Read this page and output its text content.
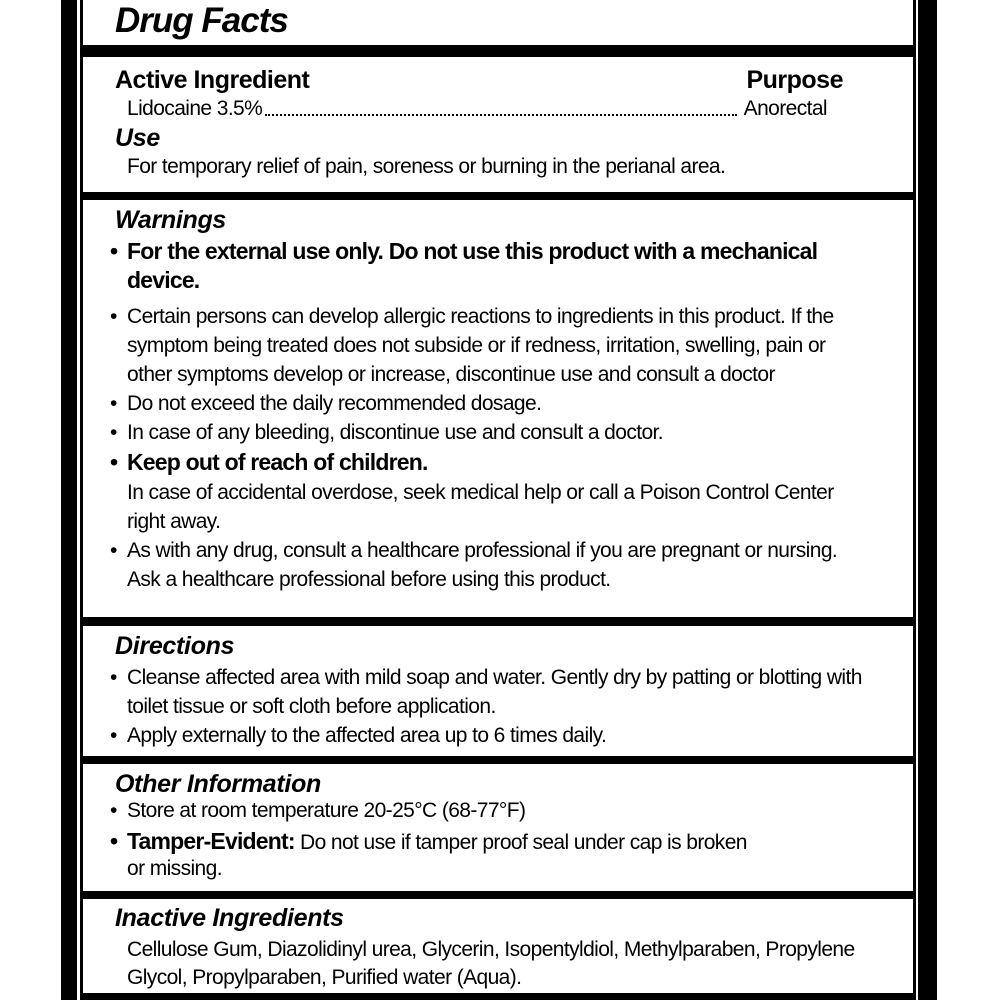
Drug Facts
Active Ingredient	Purpose
Lidocaine 3.5%	Anorectal
Use
For temporary relief of pain, soreness or burning in the perianal area.
Warnings
• For the external use only. Do not use this product with a mechanical
device.
• Certain persons can develop allergic reactions to ingredients in this product. If the
symptom being treated does not subside or if redness, irritation, swelling, pain or
other symptoms develop or increase, discontinue use and consult a doctor
• Do not exceed the daily recommended dosage.
• In case of any bleeding, discontinue use and consult a doctor.
• Keep out of reach of children.
In case of accidental overdose, seek medical help or call a Poison Control Center
right away.
• As with any drug, consult a healthcare professional if you are pregnant or nursing.
Ask a healthcare professional before using this product.
Directions
• Cleanse affected area with mild soap and water. Gently dry by patting or blotting with
toilet tissue or soft cloth before application.
• Apply externally to the affected area up to 6 times daily.
Other Information
• Store at room temperature 20-25°C (68-77°F)
• Tamper-Evident: Do not use if tamper proof seal under cap is broken
or missing.
Inactive Ingredients
Cellulose Gum, Diazolidinyl urea, Glycerin, Isopentyldiol, Methylparaben, Propylene
Glycol, Propylparaben, Purified water (Aqua).
